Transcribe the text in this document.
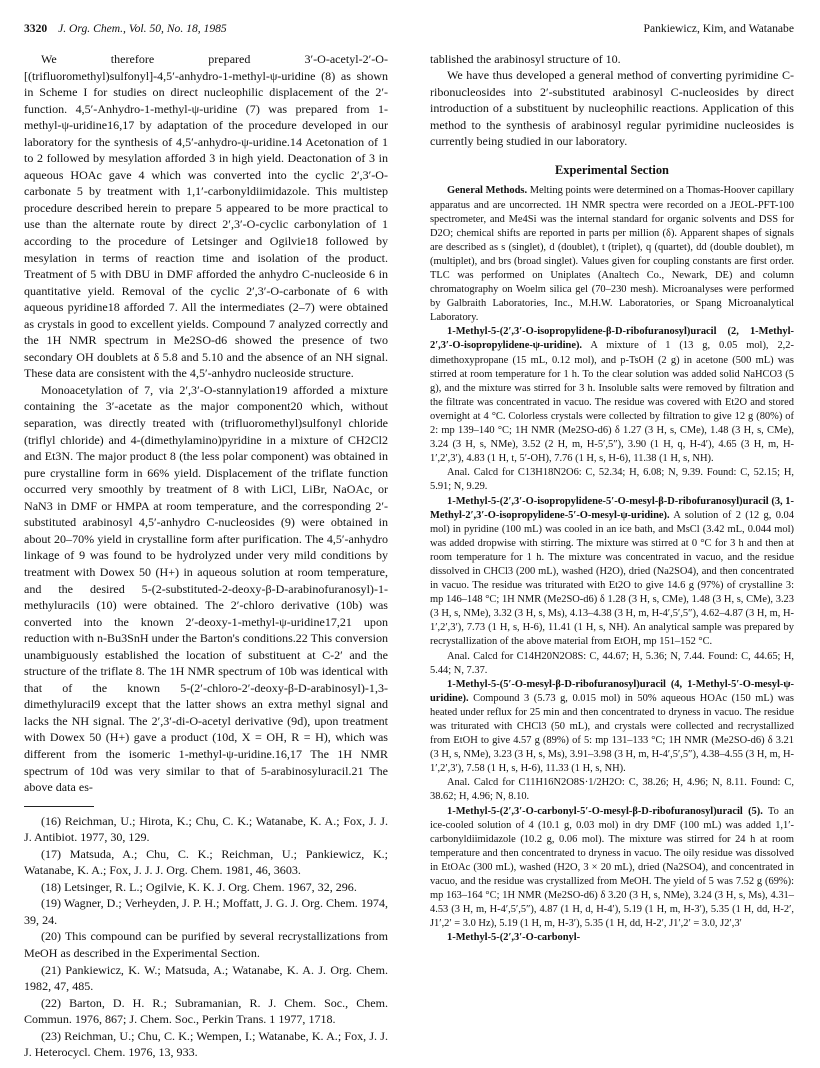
3320 J. Org. Chem., Vol. 50, No. 18, 1985	Pankiewicz, Kim, and Watanabe

We therefore prepared 3′-O-acetyl-2′-O-[(trifluoromethyl)sulfonyl]-4,5′-anhydro-1-methyl-ψ-uridine (8) as shown in Scheme I for studies on direct nucleophilic displacement of the 2′-function. 4,5′-Anhydro-1-methyl-ψ-uridine (7) was prepared from 1-methyl-ψ-uridine16,17 by adaptation of the procedure developed in our laboratory for the synthesis of 4,5′-anhydro-ψ-uridine.14 Acetonation of 1 to 2 followed by mesylation afforded 3 in high yield. Deactonation of 3 in aqueous HOAc gave 4 which was converted into the cyclic 2′,3′-O-carbonate 5 by treatment with 1,1′-carbonyldiimidazole. This multistep procedure described herein to prepare 5 appeared to be more practical to use than the alternate route by direct 2′,3′-O-cyclic carbonylation of 1 according to the procedure of Letsinger and Ogilvie18 followed by mesylation in terms of reaction time and isolation of the product. Treatment of 5 with DBU in DMF afforded the anhydro C-nucleoside 6 in quantitative yield. Removal of the cyclic 2′,3′-O-carbonate of 6 with aqueous pyridine18 afforded 7. All the intermediates (2–7) were obtained as crystals in good to excellent yields. Compound 7 analyzed correctly and the 1H NMR spectrum in Me2SO-d6 showed the presence of two secondary OH doublets at δ 5.8 and 5.10 and the absence of an NH signal. These data are consistent with the 4,5′-anhydro nucleoside structure.

Monoacetylation of 7, via 2′,3′-O-stannylation19 afforded a mixture containing the 3′-acetate as the major component20 which, without separation, was directly treated with (trifluoromethyl)sulfonyl chloride (triflyl chloride) and 4-(dimethylamino)pyridine in a mixture of CH2Cl2 and Et3N. The major product 8 (the less polar component) was obtained in pure crystalline form in 66% yield. Displacement of the triflate function occurred very smoothly by treatment of 8 with LiCl, LiBr, NaOAc, or NaN3 in DMF or HMPA at room temperature, and the corresponding 2′-substituted arabinosyl 4,5′-anhydro C-nucleosides (9) were obtained in about 20–70% yield in crystalline form after purification. The 4,5′-anhydro linkage of 9 was found to be hydrolyzed under very mild conditions by treatment with Dowex 50 (H+) in aqueous solution at room temperature, and the desired 5-(2-substituted-2-deoxy-β-D-arabinofuranosyl)-1-methyluracils (10) were obtained. The 2′-chloro derivative (10b) was converted into the known 2′-deoxy-1-methyl-ψ-uridine17,21 upon reduction with n-Bu3SnH under the Barton's conditions.22 This conversion unambiguously established the location of substituent at C-2′ and the structure of the triflate 8. The 1H NMR spectrum of 10b was identical with that of the known 5-(2′-chloro-2′-deoxy-β-D-arabinosyl)-1,3-dimethyluracil9 except that the latter shows an extra methyl signal and lacks the NH signal. The 2′,3′-di-O-acetyl derivative (9d), upon treatment with Dowex 50 (H+) gave a product (10d, X = OH, R = H), which was different from the isomeric 1-methyl-ψ-uridine.16,17 The 1H NMR spectrum of 10d was very similar to that of 5-arabinosyluracil.21 The above data es-

(16) Reichman, U.; Hirota, K.; Chu, C. K.; Watanabe, K. A.; Fox, J. J. J. Antibiot. 1977, 30, 129.

(17) Matsuda, A.; Chu, C. K.; Reichman, U.; Pankiewicz, K.; Watanabe, K. A.; Fox, J. J. J. Org. Chem. 1981, 46, 3603.

(18) Letsinger, R. L.; Ogilvie, K. K. J. Org. Chem. 1967, 32, 296.

(19) Wagner, D.; Verheyden, J. P. H.; Moffatt, J. G. J. Org. Chem. 1974, 39, 24.

(20) This compound can be purified by several recrystallizations from MeOH as described in the Experimental Section.

(21) Pankiewicz, K. W.; Matsuda, A.; Watanabe, K. A. J. Org. Chem. 1982, 47, 485.

(22) Barton, D. H. R.; Subramanian, R. J. Chem. Soc., Chem. Commun. 1976, 867; J. Chem. Soc., Perkin Trans. 1 1977, 1718.

(23) Reichman, U.; Chu, C. K.; Wempen, I.; Watanabe, K. A.; Fox, J. J. J. Heterocycl. Chem. 1976, 13, 933.

tablished the arabinosyl structure of 10.

We have thus developed a general method of converting pyrimidine C-ribonucleosides into 2′-substituted arabinosyl C-nucleosides by direct introduction of a substituent by nucleophilic reactions. Application of this method to the synthesis of arabinosyl regular pyrimidine nucleosides is currently being studied in our laboratory.

Experimental Section

General Methods. Melting points were determined on a Thomas-Hoover capillary apparatus and are uncorrected. 1H NMR spectra were recorded on a JEOL-PFT-100 spectrometer, and Me4Si was the internal standard for organic solvents and DSS for D2O; chemical shifts are reported in parts per million (δ). Apparent shapes of signals are described as s (singlet), d (doublet), t (triplet), q (quartet), dd (double doublet), m (multiplet), and brs (broad singlet). Values given for coupling constants are first order. TLC was performed on Uniplates (Analtech Co., Newark, DE) and column chromatography on Woelm silica gel (70–230 mesh). Microanalyses were performed by Galbraith Laboratories, Inc., M.H.W. Laboratories, or Spang Microanalytical Laboratory.

1-Methyl-5-(2′,3′-O-isopropylidene-β-D-ribofuranosyl)uracil (2, 1-Methyl-2′,3′-O-isopropylidene-ψ-uridine). A mixture of 1 (13 g, 0.05 mol), 2,2-dimethoxypropane (15 mL, 0.12 mol), and p-TsOH (2 g) in acetone (500 mL) was stirred at room temperature for 1 h. To the clear solution was added solid NaHCO3 (5 g), and the mixture was stirred for 3 h. Insoluble salts were removed by filtration and the filtrate was concentrated in vacuo. The residue was covered with Et2O and stored overnight at 4 °C. Colorless crystals were collected by filtration to give 12 g (80%) of 2: mp 139–140 °C; 1H NMR (Me2SO-d6) δ 1.27 (3 H, s, CMe), 1.48 (3 H, s, CMe), 3.24 (3 H, s, NMe), 3.52 (2 H, m, H-5′,5″), 3.90 (1 H, q, H-4′), 4.65 (3 H, m, H-1′,2′,3′), 4.83 (1 H, t, 5′-OH), 7.76 (1 H, s, H-6), 11.38 (1 H, s, NH).

Anal. Calcd for C13H18N2O6: C, 52.34; H, 6.08; N, 9.39. Found: C, 52.15; H, 5.91; N, 9.29.

1-Methyl-5-(2′,3′-O-isopropylidene-5′-O-mesyl-β-D-ribofuranosyl)uracil (3, 1-Methyl-2′,3′-O-isopropylidene-5′-O-mesyl-ψ-uridine). A solution of 2 (12 g, 0.04 mol) in pyridine (100 mL) was cooled in an ice bath, and MsCl (3.42 mL, 0.044 mol) was added dropwise with stirring. The mixture was stirred at 0 °C for 3 h and then at room temperature for 1 h. The mixture was concentrated in vacuo, and the residue dissolved in CHCl3 (200 mL), washed (H2O), dried (Na2SO4), and then concentrated in vacuo. The residue was triturated with Et2O to give 14.6 g (97%) of crystalline 3: mp 146–148 °C; 1H NMR (Me2SO-d6) δ 1.28 (3 H, s, CMe), 1.48 (3 H, s, CMe), 3.23 (3 H, s, NMe), 3.32 (3 H, s, Ms), 4.13–4.38 (3 H, m, H-4′,5′,5″), 4.62–4.87 (3 H, m, H-1′,2′,3′), 7.73 (1 H, s, H-6), 11.41 (1 H, s, NH). An analytical sample was prepared by recrystallization of the above material from EtOH, mp 151–152 °C.

Anal. Calcd for C14H20N2O8S: C, 44.67; H, 5.36; N, 7.44. Found: C, 44.65; H, 5.44; N, 7.37.

1-Methyl-5-(5′-O-mesyl-β-D-ribofuranosyl)uracil (4, 1-Methyl-5′-O-mesyl-ψ-uridine). Compound 3 (5.73 g, 0.015 mol) in 50% aqueous HOAc (150 mL) was heated under reflux for 25 min and then concentrated to dryness in vacuo. The residue was triturated with CHCl3 (50 mL), and crystals were collected and recrystallized from EtOH to give 4.57 g (89%) of 5: mp 131–133 °C; 1H NMR (Me2SO-d6) δ 3.21 (3 H, s, NMe), 3.23 (3 H, s, Ms), 3.91–3.98 (3 H, m, H-4′,5′,5″), 4.38–4.55 (3 H, m, H-1′,2′,3′), 7.58 (1 H, s, H-6), 11.33 (1 H, s, NH).

Anal. Calcd for C11H16N2O8S·1/2H2O: C, 38.26; H, 4.96; N, 8.11. Found: C, 38.62; H, 4.96; N, 8.10.

1-Methyl-5-(2′,3′-O-carbonyl-5′-O-mesyl-β-D-ribofuranosyl)uracil (5). To an ice-cooled solution of 4 (10.1 g, 0.03 mol) in dry DMF (100 mL) was added 1,1′-carbonyldiimidazole (10.2 g, 0.06 mol). The mixture was stirred for 24 h at room temperature and then concentrated to dryness in vacuo. The oily residue was dissolved in EtOAc (300 mL), washed (H2O, 3 × 20 mL), dried (Na2SO4), and concentrated in vacuo, and the residue was crystallized from MeOH. The yield of 5 was 7.52 g (69%): mp 163–164 °C; 1H NMR (Me2SO-d6) δ 3.20 (3 H, s, NMe), 3.24 (3 H, s, Ms), 4.31–4.53 (3 H, m, H-4′,5′,5″), 4.87 (1 H, d, H-4′), 5.19 (1 H, m, H-3′), 5.35 (1 H, dd, H-2′, J1′,2′ = 3.0 Hz), 5.19 (1 H, m, H-3′), 5.35 (1 H, dd, H-2′, J1′,2′ = 3.0, J2′,3′

1-Methyl-5-(2′,3′-O-carbonyl-
